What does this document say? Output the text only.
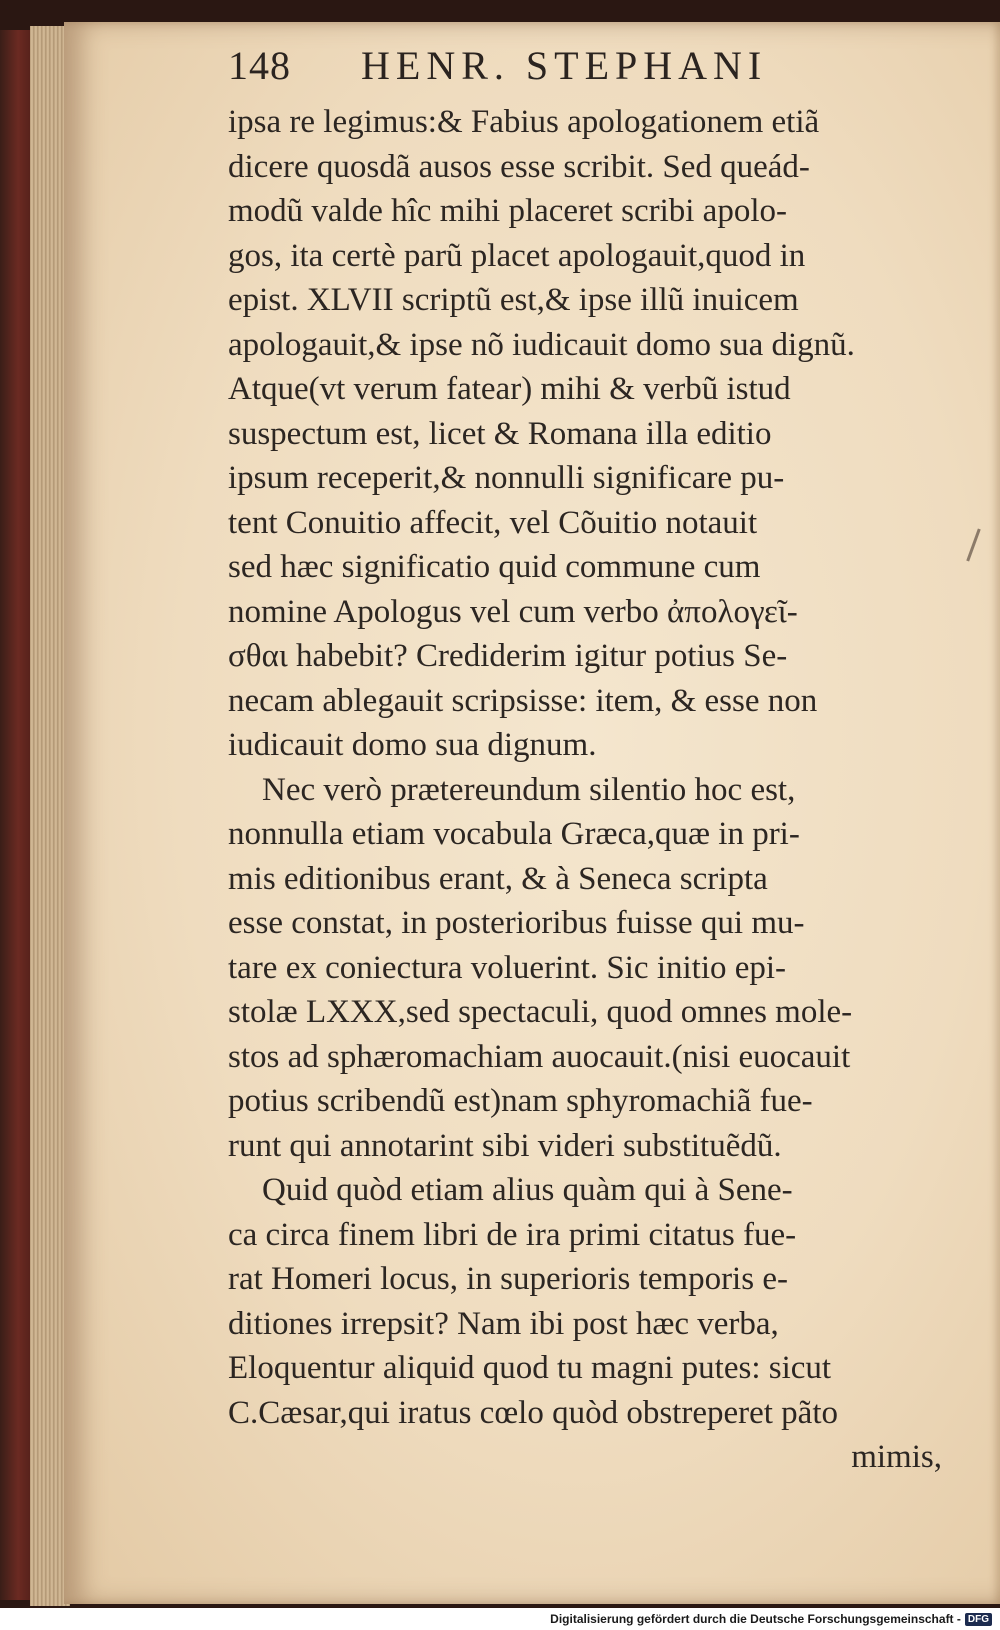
148 HENR. STEPHANI
ipsa re legimus:& Fabius apologationem etiã
dicere quosdã ausos esse scribit. Sed queád-
modũ valde hîc mihi placeret scribi apolo-
gos, ita certè parũ placet apologauit,quod in
epist. XLVII scriptũ est,& ipse illũ inuicem
apologauit,& ipse nõ iudicauit domo sua dignũ.
Atque(vt verum fatear) mihi & verbũ istud
suspectum est, licet & Romana illa editio
ipsum receperit,& nonnulli significare pu-
tent Conuitio affecit, vel Cõuitio notauit
sed hæc significatio quid commune cum
nomine Apologus vel cum verbo ἀπολογεῖ-
σθαι habebit? Crediderim igitur potius Se-
necam ablegauit scripsisse: item, & esse non
iudicauit domo sua dignum.
Nec verò prætereundum silentio hoc est,
nonnulla etiam vocabula Græca,quæ in pri-
mis editionibus erant, & à Seneca scripta
esse constat, in posterioribus fuisse qui mu-
tare ex coniectura voluerint. Sic initio epi-
stolæ LXXX,sed spectaculi, quod omnes mole-
stos ad sphæromachiam auocauit.(nisi euocauit
potius scribendũ est)nam sphyromachiã fue-
runt qui annotarint sibi videri substituẽdũ.
Quid quòd etiam alius quàm qui à Sene-
ca circa finem libri de ira primi citatus fue-
rat Homeri locus, in superioris temporis e-
ditiones irrepsit? Nam ibi post hæc verba,
Eloquentur aliquid quod tu magni putes: sicut
C.Cæsar,qui iratus cœlo quòd obstreperet pãto
mimis,
Digitalisierung gefördert durch die Deutsche Forschungsgemeinschaft - DFG
